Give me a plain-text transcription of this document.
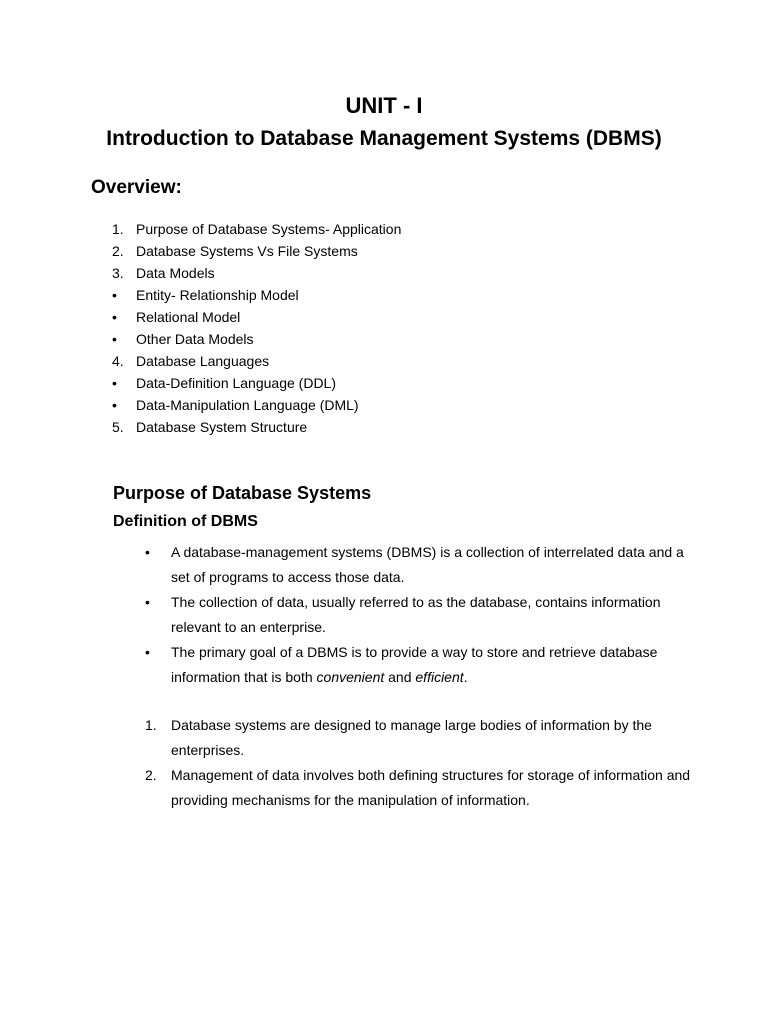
UNIT - I
Introduction to Database Management Systems (DBMS)
Overview:
1. Purpose of Database Systems- Application
2. Database Systems Vs File Systems
3. Data Models
• Entity- Relationship Model
• Relational Model
• Other Data Models
4. Database Languages
• Data-Definition Language (DDL)
• Data-Manipulation Language (DML)
5. Database System Structure
Purpose of Database Systems
Definition of DBMS
• A database-management systems (DBMS) is a collection of interrelated data and a set of programs to access those data.
• The collection of data, usually referred to as the database, contains information relevant to an enterprise.
• The primary goal of a DBMS is to provide a way to store and retrieve database information that is both convenient and efficient.
1. Database systems are designed to manage large bodies of information by the enterprises.
2. Management of data involves both defining structures for storage of information and providing mechanisms for the manipulation of information.
